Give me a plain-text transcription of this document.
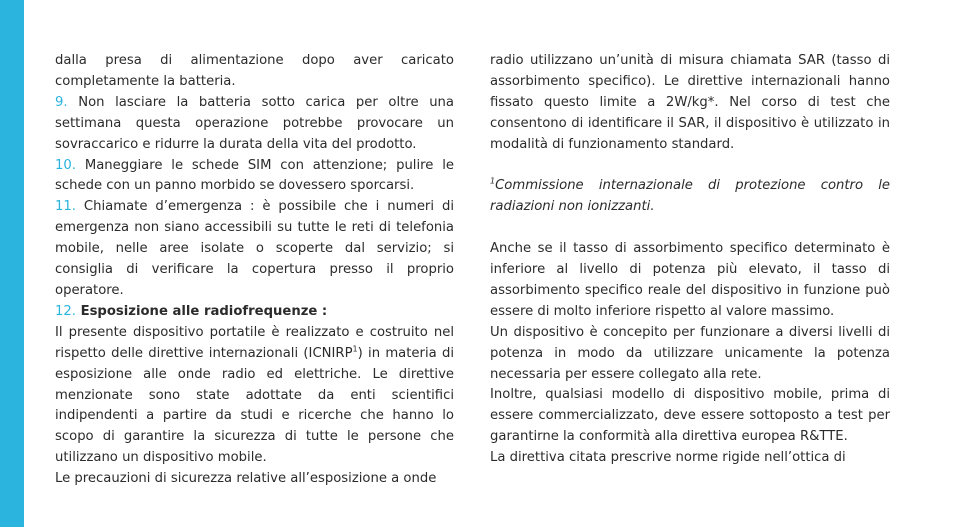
dalla presa di alimentazione dopo aver caricato completamente la batteria.

9. Non lasciare la batteria sotto carica per oltre una settimana questa operazione potrebbe provocare un sovraccarico e ridurre la durata della vita del prodotto.

10. Maneggiare le schede SIM con attenzione; pulire le schede con un panno morbido se dovessero sporcarsi.

11. Chiamate d’emergenza : è possibile che i numeri di emergenza non siano accessibili su tutte le reti di telefonia mobile, nelle aree isolate o scoperte dal servizio; si consiglia di verificare la copertura presso il proprio operatore.

12. Esposizione alle radiofrequenze :

Il presente dispositivo portatile è realizzato e costruito nel rispetto delle direttive internazionali (ICNIRP$^1$) in materia di esposizione alle onde radio ed elettriche. Le direttive menzionate sono state adottate da enti scientifici indipendenti a partire da studi e ricerche che hanno lo scopo di garantire la sicurezza di tutte le persone che utilizzano un dispositivo mobile.

Le precauzioni di sicurezza relative all’esposizione a onde

radio utilizzano un’unità di misura chiamata SAR (tasso di assorbimento specifico). Le direttive internazionali hanno fissato questo limite a 2W/kg*. Nel corso di test che consentono di identificare il SAR, il dispositivo è utilizzato in modalità di funzionamento standard.

$^1$Commissione internazionale di protezione contro le radiazioni non ionizzanti.

Anche se il tasso di assorbimento specifico determinato è inferiore al livello di potenza più elevato, il tasso di assorbimento specifico reale del dispositivo in funzione può essere di molto inferiore rispetto al valore massimo.

Un dispositivo è concepito per funzionare a diversi livelli di potenza in modo da utilizzare unicamente la potenza necessaria per essere collegato alla rete.

Inoltre, qualsiasi modello di dispositivo mobile, prima di essere commercializzato, deve essere sottoposto a test per garantirne la conformità alla direttiva europea R&TTE.

La direttiva citata prescrive norme rigide nell’ottica di
